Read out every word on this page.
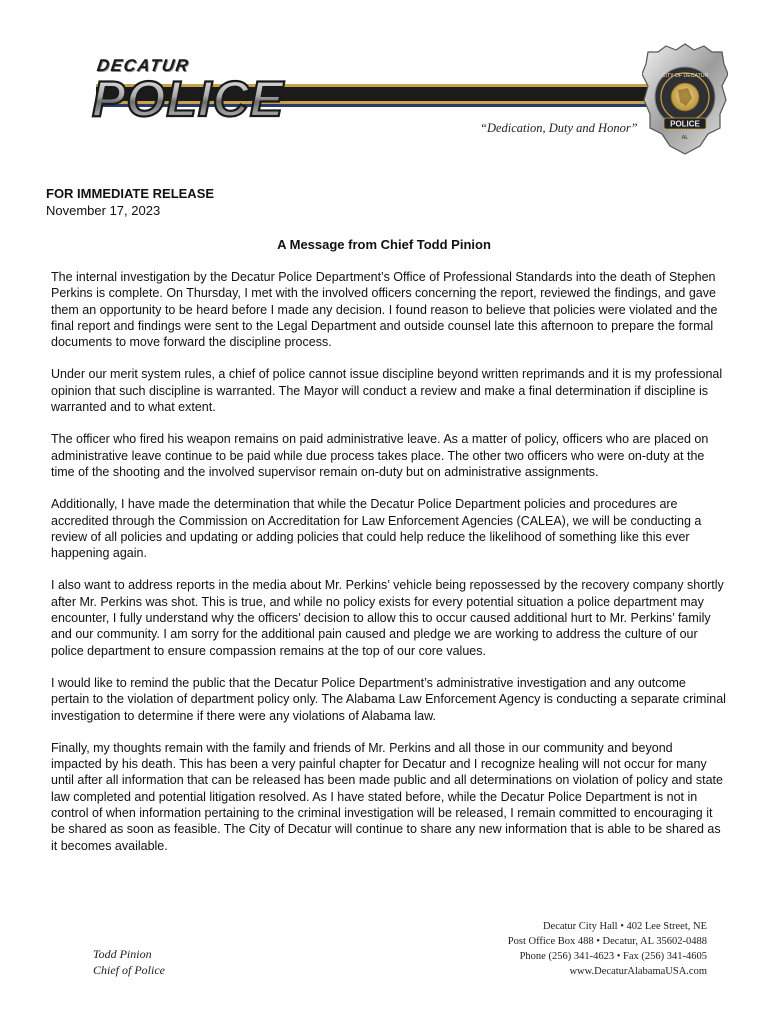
DECATUR
POLICE
“Dedication, Duty and Honor”
CITY OF DECATUR
POLICE
AL
FOR IMMEDIATE RELEASE
November 17, 2023
A Message from Chief Todd Pinion

The internal investigation by the Decatur Police Department’s Office of Professional Standards into the death of Stephen Perkins is complete. On Thursday, I met with the involved officers concerning the report, reviewed the findings, and gave them an opportunity to be heard before I made any decision. I found reason to believe that policies were violated and the final report and findings were sent to the Legal Department and outside counsel late this afternoon to prepare the formal documents to move forward the discipline process.

Under our merit system rules, a chief of police cannot issue discipline beyond written reprimands and it is my professional opinion that such discipline is warranted. The Mayor will conduct a review and make a final determination if discipline is warranted and to what extent.

The officer who fired his weapon remains on paid administrative leave. As a matter of policy, officers who are placed on administrative leave continue to be paid while due process takes place. The other two officers who were on-duty at the time of the shooting and the involved supervisor remain on-duty but on administrative assignments.

Additionally, I have made the determination that while the Decatur Police Department policies and procedures are accredited through the Commission on Accreditation for Law Enforcement Agencies (CALEA), we will be conducting a review of all policies and updating or adding policies that could help reduce the likelihood of something like this ever happening again.

I also want to address reports in the media about Mr. Perkins’ vehicle being repossessed by the recovery company shortly after Mr. Perkins was shot. This is true, and while no policy exists for every potential situation a police department may encounter, I fully understand why the officers’ decision to allow this to occur caused additional hurt to Mr. Perkins’ family and our community. I am sorry for the additional pain caused and pledge we are working to address the culture of our police department to ensure compassion remains at the top of our core values.

I would like to remind the public that the Decatur Police Department’s administrative investigation and any outcome pertain to the violation of department policy only. The Alabama Law Enforcement Agency is conducting a separate criminal investigation to determine if there were any violations of Alabama law.

Finally, my thoughts remain with the family and friends of Mr. Perkins and all those in our community and beyond impacted by his death. This has been a very painful chapter for Decatur and I recognize healing will not occur for many until after all information that can be released has been made public and all determinations on violation of policy and state law completed and potential litigation resolved. As I have stated before, while the Decatur Police Department is not in control of when information pertaining to the criminal investigation will be released, I remain committed to encouraging it be shared as soon as feasible. The City of Decatur will continue to share any new information that is able to be shared as it becomes available.

Todd Pinion
Chief of Police
Decatur City Hall • 402 Lee Street, NE
Post Office Box 488 • Decatur, AL 35602-0488
Phone (256) 341-4623 • Fax (256) 341-4605
www.DecaturAlabamaUSA.com
